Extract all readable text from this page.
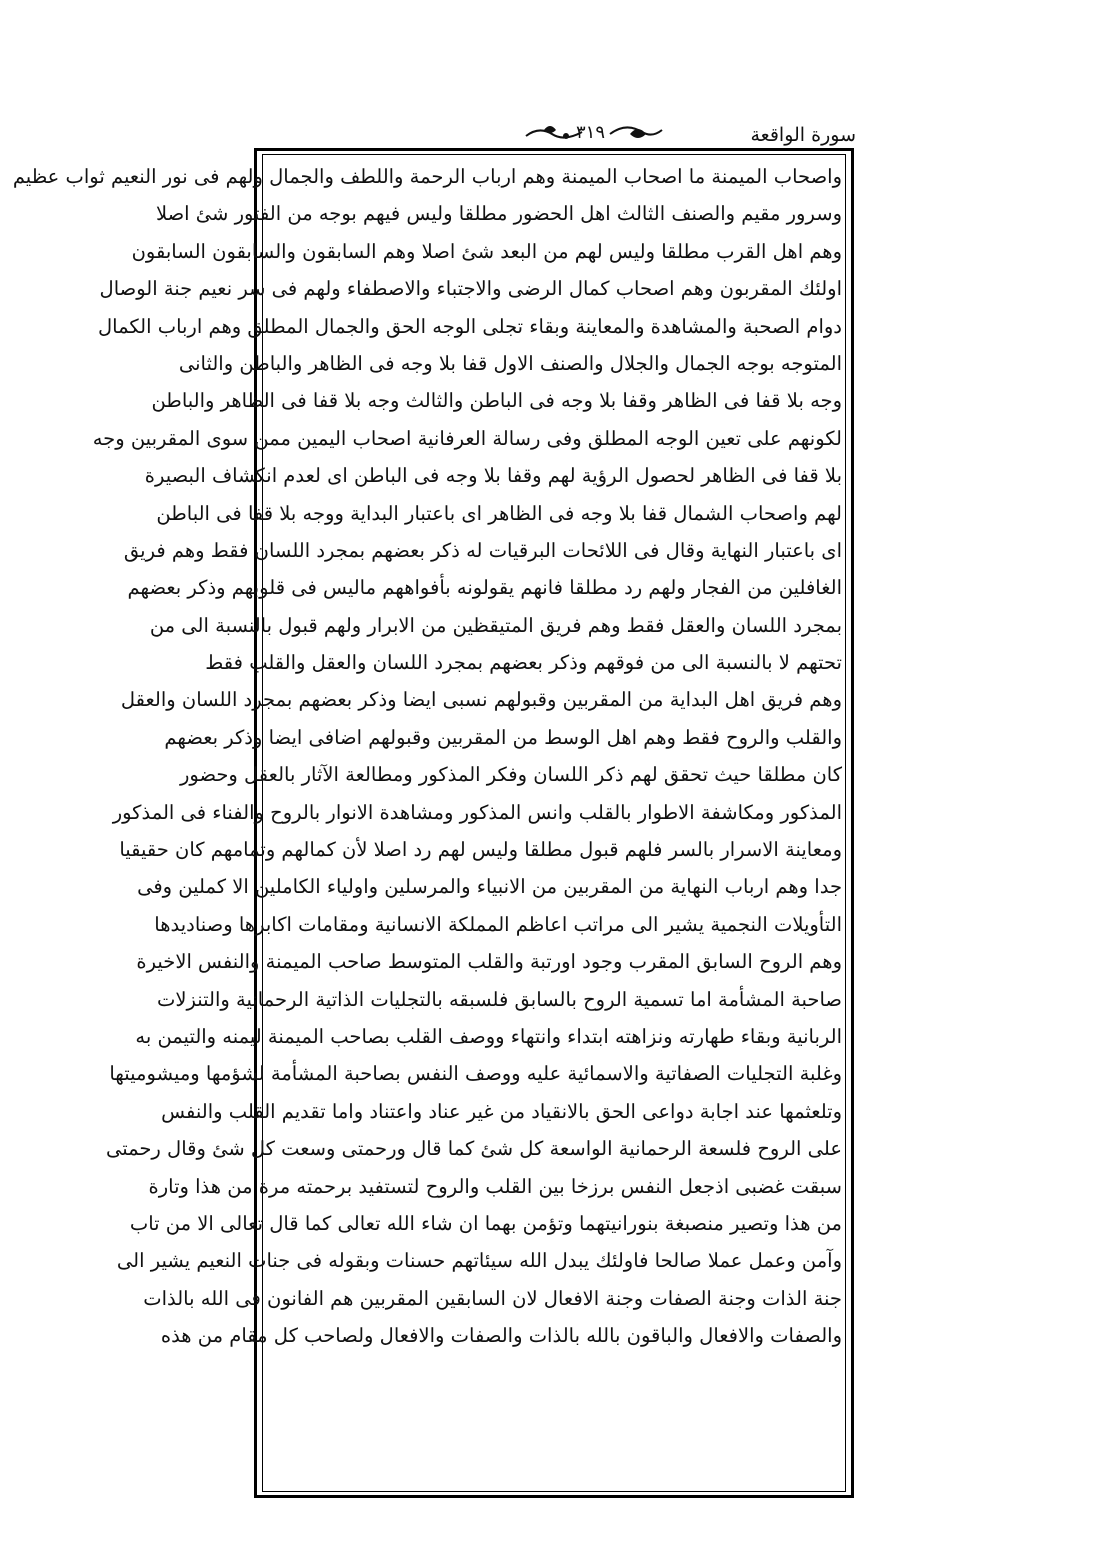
سورة الواقعة
٣١٩
واصحاب الميمنة ما اصحاب الميمنة وهم ارباب الرحمة واللطف والجمال ولهم فى نور النعيم ثواب عظيم
وسرور مقيم والصنف الثالث اهل الحضور مطلقا وليس فيهم بوجه من الفتور شئ اصلا
وهم اهل القرب مطلقا وليس لهم من البعد شئ اصلا وهم السابقون والسابقون السابقون
اولئك المقربون وهم اصحاب كمال الرضى والاجتباء والاصطفاء ولهم فى سر نعيم جنة الوصال
دوام الصحبة والمشاهدة والمعاينة وبقاء تجلى الوجه الحق والجمال المطلق وهم ارباب الكمال
المتوجه بوجه الجمال والجلال والصنف الاول قفا بلا وجه فى الظاهر والباطن والثانى
وجه بلا قفا فى الظاهر وقفا بلا وجه فى الباطن والثالث وجه بلا قفا فى الظاهر والباطن
لكونهم على تعين الوجه المطلق وفى رسالة العرفانية اصحاب اليمين ممن سوى المقربين وجه
بلا قفا فى الظاهر لحصول الرؤية لهم وقفا بلا وجه فى الباطن اى لعدم انكشاف البصيرة
لهم واصحاب الشمال قفا بلا وجه فى الظاهر اى باعتبار البداية ووجه بلا قفا فى الباطن
اى باعتبار النهاية وقال فى اللائحات البرقيات له ذكر بعضهم بمجرد اللسان فقط وهم فريق
الغافلين من الفجار ولهم رد مطلقا فانهم يقولونه بأفواههم ماليس فى قلوبهم وذكر بعضهم
بمجرد اللسان والعقل فقط وهم فريق المتيقظين من الابرار ولهم قبول بالنسبة الى من
تحتهم لا بالنسبة الى من فوقهم وذكر بعضهم بمجرد اللسان والعقل والقلب فقط
وهم فريق اهل البداية من المقربين وقبولهم نسبى ايضا وذكر بعضهم بمجرد اللسان والعقل
والقلب والروح فقط وهم اهل الوسط من المقربين وقبولهم اضافى ايضا وذكر بعضهم
كان مطلقا حيث تحقق لهم ذكر اللسان وفكر المذكور ومطالعة الآثار بالعقل وحضور
المذكور ومكاشفة الاطوار بالقلب وانس المذكور ومشاهدة الانوار بالروح والفناء فى المذكور
ومعاينة الاسرار بالسر فلهم قبول مطلقا وليس لهم رد اصلا لأن كمالهم وتمامهم كان حقيقيا
جدا وهم ارباب النهاية من المقربين من الانبياء والمرسلين واولياء الكاملين الا كملين وفى
التأويلات النجمية يشير الى مراتب اعاظم المملكة الانسانية ومقامات اكابرها وصناديدها
وهم الروح السابق المقرب وجود اورتبة والقلب المتوسط صاحب الميمنة والنفس الاخيرة
صاحبة المشأمة اما تسمية الروح بالسابق فلسبقه بالتجليات الذاتية الرحمانية والتنزلات
الربانية وبقاء طهارته ونزاهته ابتداء وانتهاء ووصف القلب بصاحب الميمنة ليمنه والتيمن به
وغلبة التجليات الصفاتية والاسمائية عليه ووصف النفس بصاحبة المشأمة لشؤمها وميشوميتها
وتلعثمها عند اجابة دواعى الحق بالانقياد من غير عناد واعتناد واما تقديم القلب والنفس
على الروح فلسعة الرحمانية الواسعة كل شئ كما قال ورحمتى وسعت كل شئ وقال رحمتى
سبقت غضبى اذجعل النفس برزخا بين القلب والروح لتستفيد برحمته مرة من هذا وتارة
من هذا وتصير منصبغة بنورانيتهما وتؤمن بهما ان شاء الله تعالى كما قال تعالى الا من تاب
وآمن وعمل عملا صالحا فاولئك يبدل الله سيئاتهم حسنات وبقوله فى جنات النعيم يشير الى
جنة الذات وجنة الصفات وجنة الافعال لان السابقين المقربين هم الفانون فى الله بالذات
والصفات والافعال والباقون بالله بالذات والصفات والافعال ولصاحب كل مقام من هذه
